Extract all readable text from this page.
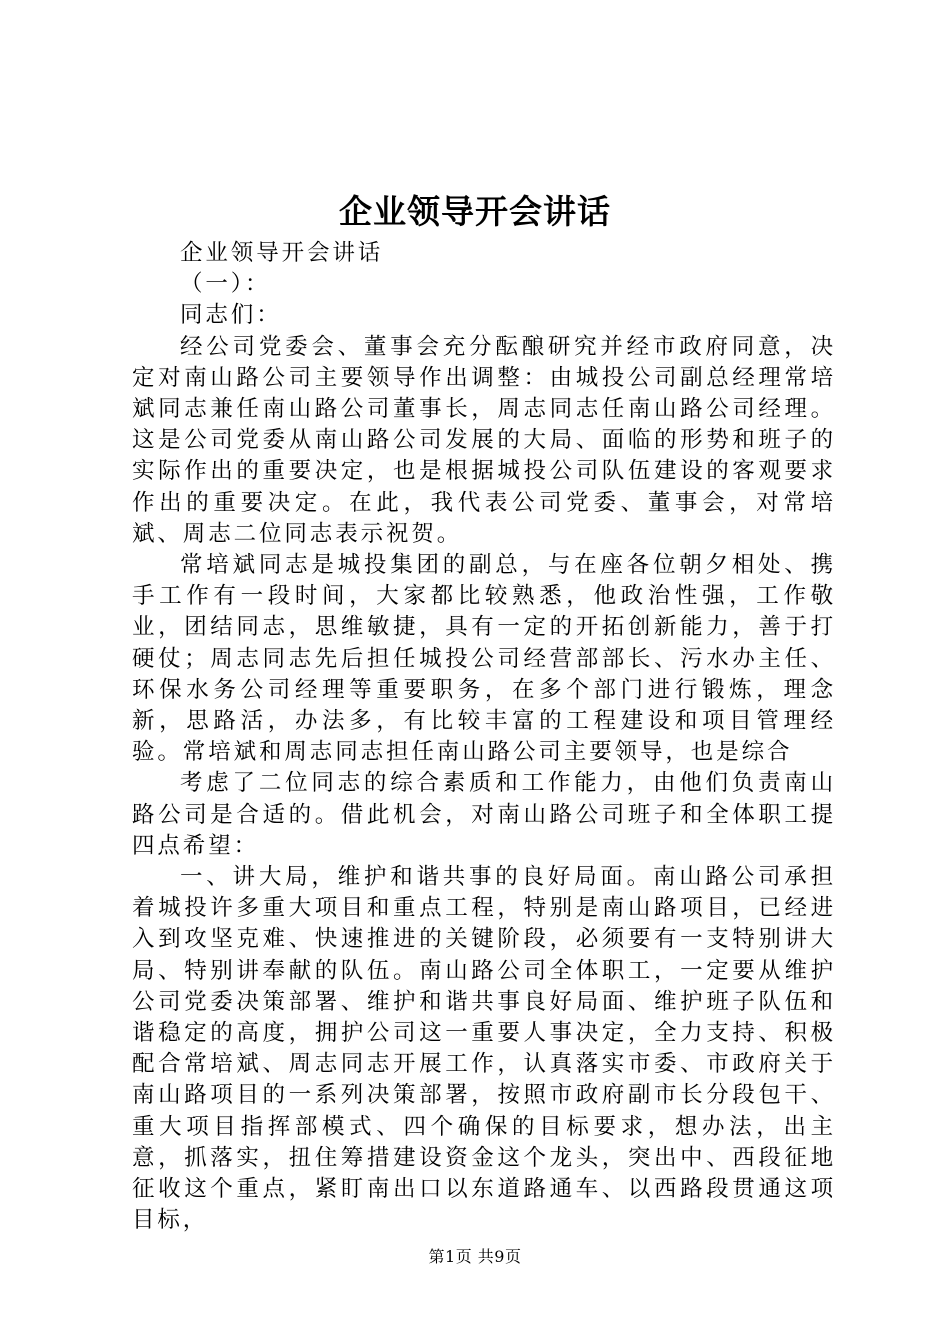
企业领导开会讲话

企业领导开会讲话

（一）：

同志们：

经公司党委会、董事会充分酝酿研究并经市政府同意，决定对南山路公司主要领导作出调整：由城投公司副总经理常培斌同志兼任南山路公司董事长，周志同志任南山路公司经理。这是公司党委从南山路公司发展的大局、面临的形势和班子的实际作出的重要决定，也是根据城投公司队伍建设的客观要求作出的重要决定。在此，我代表公司党委、董事会，对常培斌、周志二位同志表示祝贺。

常培斌同志是城投集团的副总，与在座各位朝夕相处、携手工作有一段时间，大家都比较熟悉，他政治性强，工作敬业，团结同志，思维敏捷，具有一定的开拓创新能力，善于打硬仗；周志同志先后担任城投公司经营部部长、污水办主任、环保水务公司经理等重要职务，在多个部门进行锻炼，理念新，思路活，办法多，有比较丰富的工程建设和项目管理经验。常培斌和周志同志担任南山路公司主要领导，也是综合

考虑了二位同志的综合素质和工作能力，由他们负责南山路公司是合适的。借此机会，对南山路公司班子和全体职工提四点希望：

一、讲大局，维护和谐共事的良好局面。南山路公司承担着城投许多重大项目和重点工程，特别是南山路项目，已经进入到攻坚克难、快速推进的关键阶段，必须要有一支特别讲大局、特别讲奉献的队伍。南山路公司全体职工，一定要从维护公司党委决策部署、维护和谐共事良好局面、维护班子队伍和谐稳定的高度，拥护公司这一重要人事决定，全力支持、积极配合常培斌、周志同志开展工作，认真落实市委、市政府关于南山路项目的一系列决策部署，按照市政府副市长分段包干、重大项目指挥部模式、四个确保的目标要求，想办法，出主意，抓落实，扭住筹措建设资金这个龙头，突出中、西段征地征收这个重点，紧盯南出口以东道路通车、以西路段贯通这项目标，

第1页 共9页
